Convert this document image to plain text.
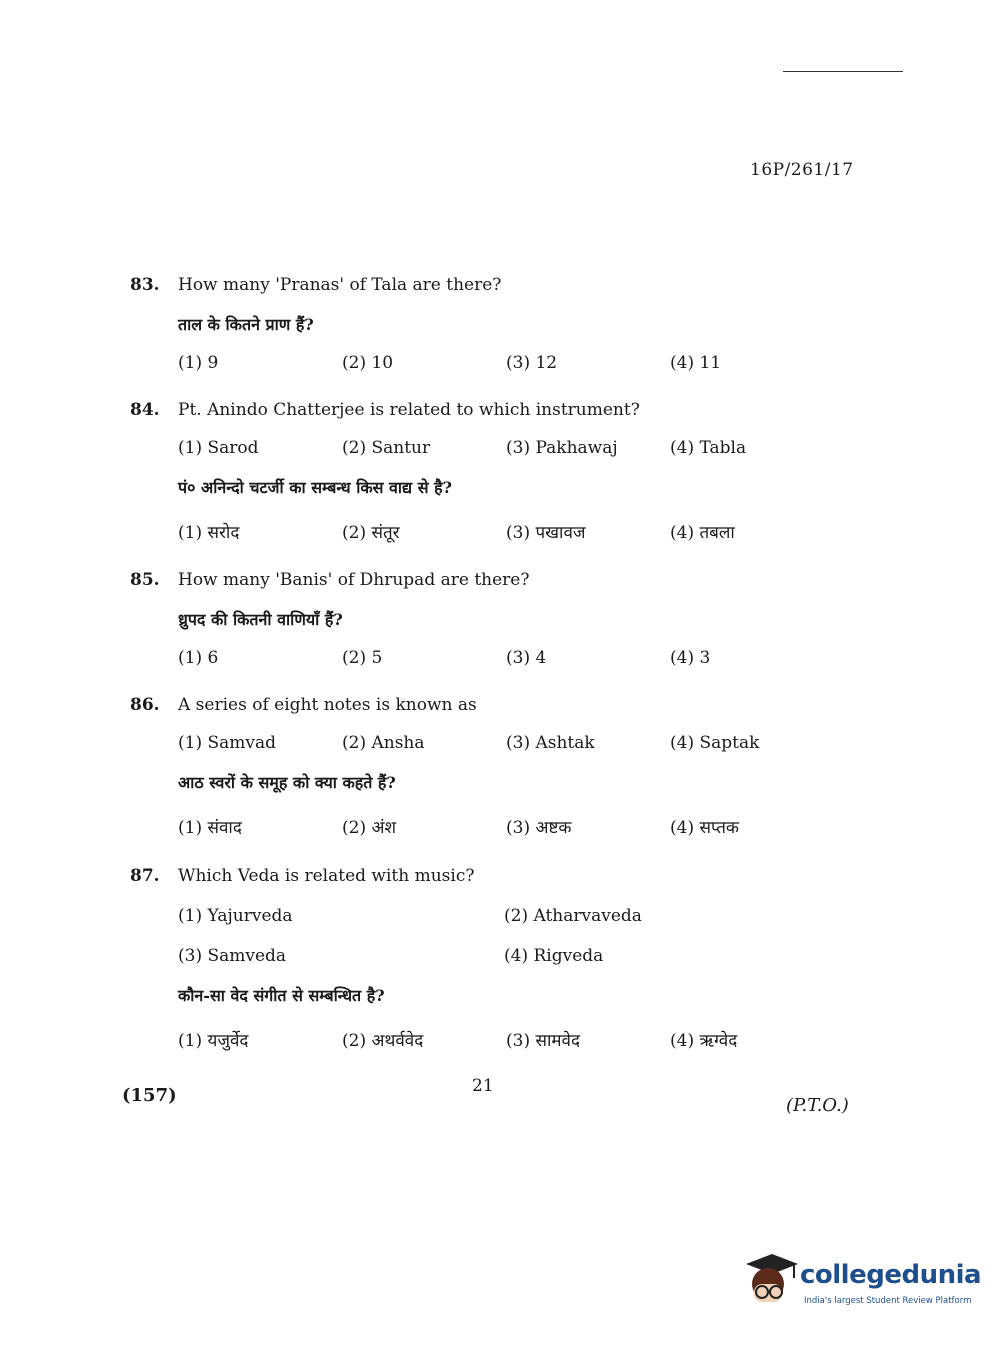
16P/261/17
83. How many 'Pranas' of Tala are there?
ताल के कितने प्राण हैं?
(1) 9	(2) 10	(3) 12	(4) 11
84. Pt. Anindo Chatterjee is related to which instrument?
(1) Sarod	(2) Santur	(3) Pakhawaj	(4) Tabla
पं० अनिन्दो चटर्जी का सम्बन्ध किस वाद्य से है?
(1) सरोद	(2) संतूर	(3) पखावज	(4) तबला
85. How many 'Banis' of Dhrupad are there?
ध्रुपद की कितनी वाणियाँ हैं?
(1) 6	(2) 5	(3) 4	(4) 3
86. A series of eight notes is known as
(1) Samvad	(2) Ansha	(3) Ashtak	(4) Saptak
आठ स्वरों के समूह को क्या कहते हैं?
(1) संवाद	(2) अंश	(3) अष्टक	(4) सप्तक
87. Which Veda is related with music?
(1) Yajurveda	(2) Atharvaveda
(3) Samveda	(4) Rigveda
कौन-सा वेद संगीत से सम्बन्धित है?
(1) यजुर्वेद	(2) अथर्ववेद	(3) सामवेद	(4) ऋग्वेद
(157)	21
(P.T.O.)
collegedunia
India's largest Student Review Platform
